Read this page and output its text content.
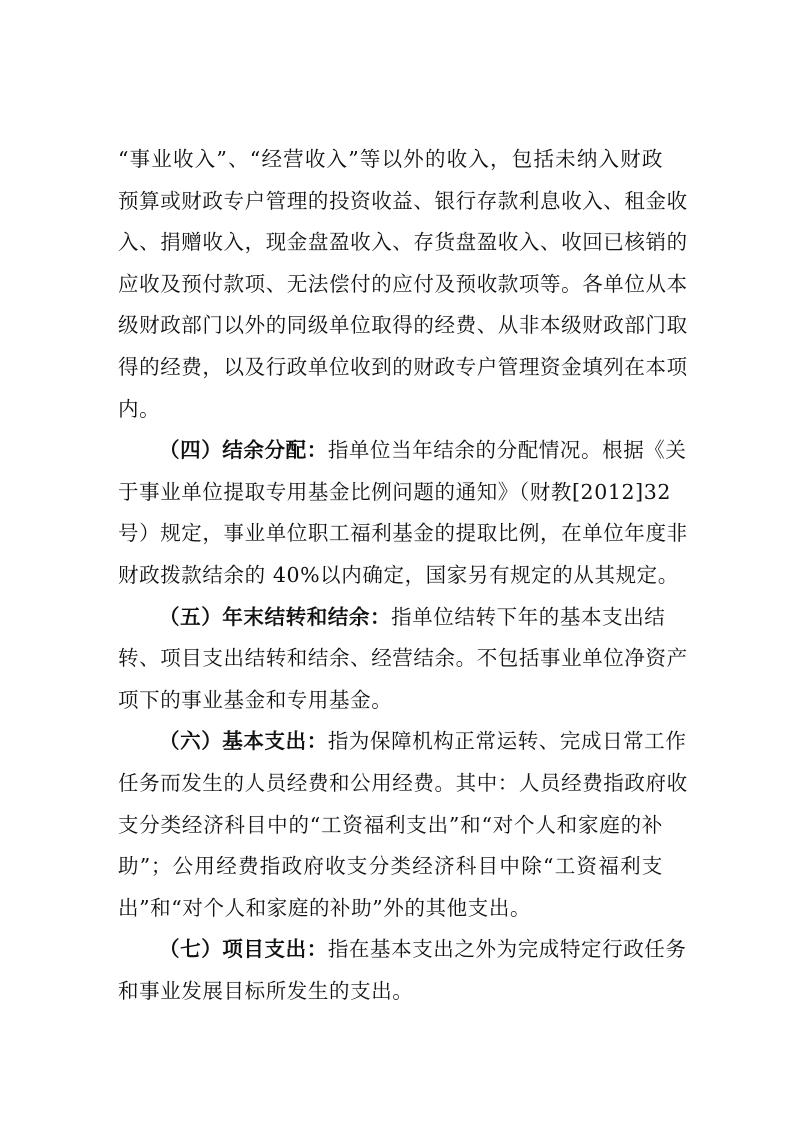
“事业收入”、“经营收入”等以外的收入，包括未纳入财政
预算或财政专户管理的投资收益、银行存款利息收入、租金收
入、捐赠收入，现金盘盈收入、存货盘盈收入、收回已核销的
应收及预付款项、无法偿付的应付及预收款项等。各单位从本
级财政部门以外的同级单位取得的经费、从非本级财政部门取
得的经费，以及行政单位收到的财政专户管理资金填列在本项
内。
（四）结余分配：指单位当年结余的分配情况。根据《关
于事业单位提取专用基金比例问题的通知》（财教[2012]32
号）规定，事业单位职工福利基金的提取比例，在单位年度非
财政拨款结余的 40%以内确定，国家另有规定的从其规定。
（五）年末结转和结余：指单位结转下年的基本支出结
转、项目支出结转和结余、经营结余。不包括事业单位净资产
项下的事业基金和专用基金。
（六）基本支出：指为保障机构正常运转、完成日常工作
任务而发生的人员经费和公用经费。其中：人员经费指政府收
支分类经济科目中的“工资福利支出”和“对个人和家庭的补
助”；公用经费指政府收支分类经济科目中除“工资福利支
出”和“对个人和家庭的补助”外的其他支出。
（七）项目支出：指在基本支出之外为完成特定行政任务
和事业发展目标所发生的支出。
